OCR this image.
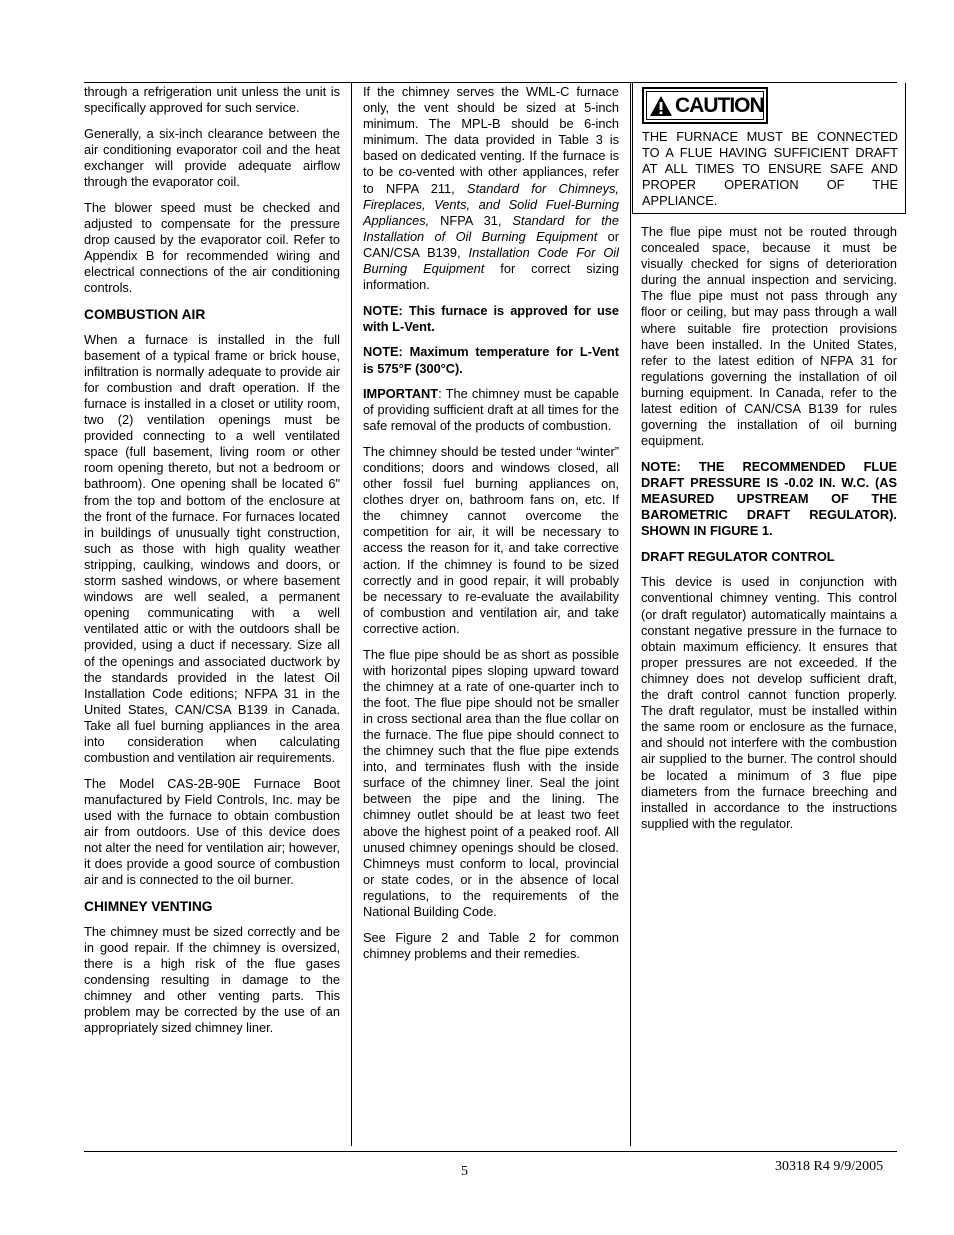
through a refrigeration unit unless the unit is specifically approved for such service.

Generally, a six-inch clearance between the air conditioning evaporator coil and the heat exchanger will provide adequate airflow through the evaporator coil.

The blower speed must be checked and adjusted to compensate for the pressure drop caused by the evaporator coil. Refer to Appendix B for recommended wiring and electrical connections of the air conditioning controls.

COMBUSTION AIR

When a furnace is installed in the full basement of a typical frame or brick house, infiltration is normally adequate to provide air for combustion and draft operation. If the furnace is installed in a closet or utility room, two (2) ventilation openings must be provided connecting to a well ventilated space (full basement, living room or other room opening thereto, but not a bedroom or bathroom). One opening shall be located 6" from the top and bottom of the enclosure at the front of the furnace. For furnaces located in buildings of unusually tight construction, such as those with high quality weather stripping, caulking, windows and doors, or storm sashed windows, or where basement windows are well sealed, a permanent opening communicating with a well ventilated attic or with the outdoors shall be provided, using a duct if necessary. Size all of the openings and associated ductwork by the standards provided in the latest Oil Installation Code editions; NFPA 31 in the United States, CAN/CSA B139 in Canada. Take all fuel burning appliances in the area into consideration when calculating combustion and ventilation air requirements.

The Model CAS-2B-90E Furnace Boot manufactured by Field Controls, Inc. may be used with the furnace to obtain combustion air from outdoors. Use of this device does not alter the need for ventilation air; however, it does provide a good source of combustion air and is connected to the oil burner.

CHIMNEY VENTING

The chimney must be sized correctly and be in good repair. If the chimney is oversized, there is a high risk of the flue gases condensing resulting in damage to the chimney and other venting parts. This problem may be corrected by the use of an appropriately sized chimney liner.

If the chimney serves the WML-C furnace only, the vent should be sized at 5-inch minimum. The MPL-B should be 6-inch minimum. The data provided in Table 3 is based on dedicated venting. If the furnace is to be co-vented with other appliances, refer to NFPA 211, Standard for Chimneys, Fireplaces, Vents, and Solid Fuel-Burning Appliances, NFPA 31, Standard for the Installation of Oil Burning Equipment or CAN/CSA B139, Installation Code For Oil Burning Equipment for correct sizing information.

NOTE: This furnace is approved for use with L-Vent.

NOTE: Maximum temperature for L-Vent is 575°F (300°C).

IMPORTANT: The chimney must be capable of providing sufficient draft at all times for the safe removal of the products of combustion.

The chimney should be tested under “winter” conditions; doors and windows closed, all other fossil fuel burning appliances on, clothes dryer on, bathroom fans on, etc. If the chimney cannot overcome the competition for air, it will be necessary to access the reason for it, and take corrective action. If the chimney is found to be sized correctly and in good repair, it will probably be necessary to re-evaluate the availability of combustion and ventilation air, and take corrective action.

The flue pipe should be as short as possible with horizontal pipes sloping upward toward the chimney at a rate of one-quarter inch to the foot. The flue pipe should not be smaller in cross sectional area than the flue collar on the furnace. The flue pipe should connect to the chimney such that the flue pipe extends into, and terminates flush with the inside surface of the chimney liner. Seal the joint between the pipe and the lining. The chimney outlet should be at least two feet above the highest point of a peaked roof. All unused chimney openings should be closed. Chimneys must conform to local, provincial or state codes, or in the absence of local regulations, to the requirements of the National Building Code.

See Figure 2 and Table 2 for common chimney problems and their remedies.

CAUTION
THE FURNACE MUST BE CONNECTED TO A FLUE HAVING SUFFICIENT DRAFT AT ALL TIMES TO ENSURE SAFE AND PROPER OPERATION OF THE APPLIANCE.

The flue pipe must not be routed through concealed space, because it must be visually checked for signs of deterioration during the annual inspection and servicing. The flue pipe must not pass through any floor or ceiling, but may pass through a wall where suitable fire protection provisions have been installed. In the United States, refer to the latest edition of NFPA 31 for regulations governing the installation of oil burning equipment. In Canada, refer to the latest edition of CAN/CSA B139 for rules governing the installation of oil burning equipment.

NOTE: THE RECOMMENDED FLUE DRAFT PRESSURE IS -0.02 IN. W.C. (AS MEASURED UPSTREAM OF THE BAROMETRIC DRAFT REGULATOR). SHOWN IN FIGURE 1.

DRAFT REGULATOR CONTROL

This device is used in conjunction with conventional chimney venting. This control (or draft regulator) automatically maintains a constant negative pressure in the furnace to obtain maximum efficiency. It ensures that proper pressures are not exceeded. If the chimney does not develop sufficient draft, the draft control cannot function properly. The draft regulator, must be installed within the same room or enclosure as the furnace, and should not interfere with the combustion air supplied to the burner. The control should be located a minimum of 3 flue pipe diameters from the furnace breeching and installed in accordance to the instructions supplied with the regulator.

5	30318 R4 9/9/2005
